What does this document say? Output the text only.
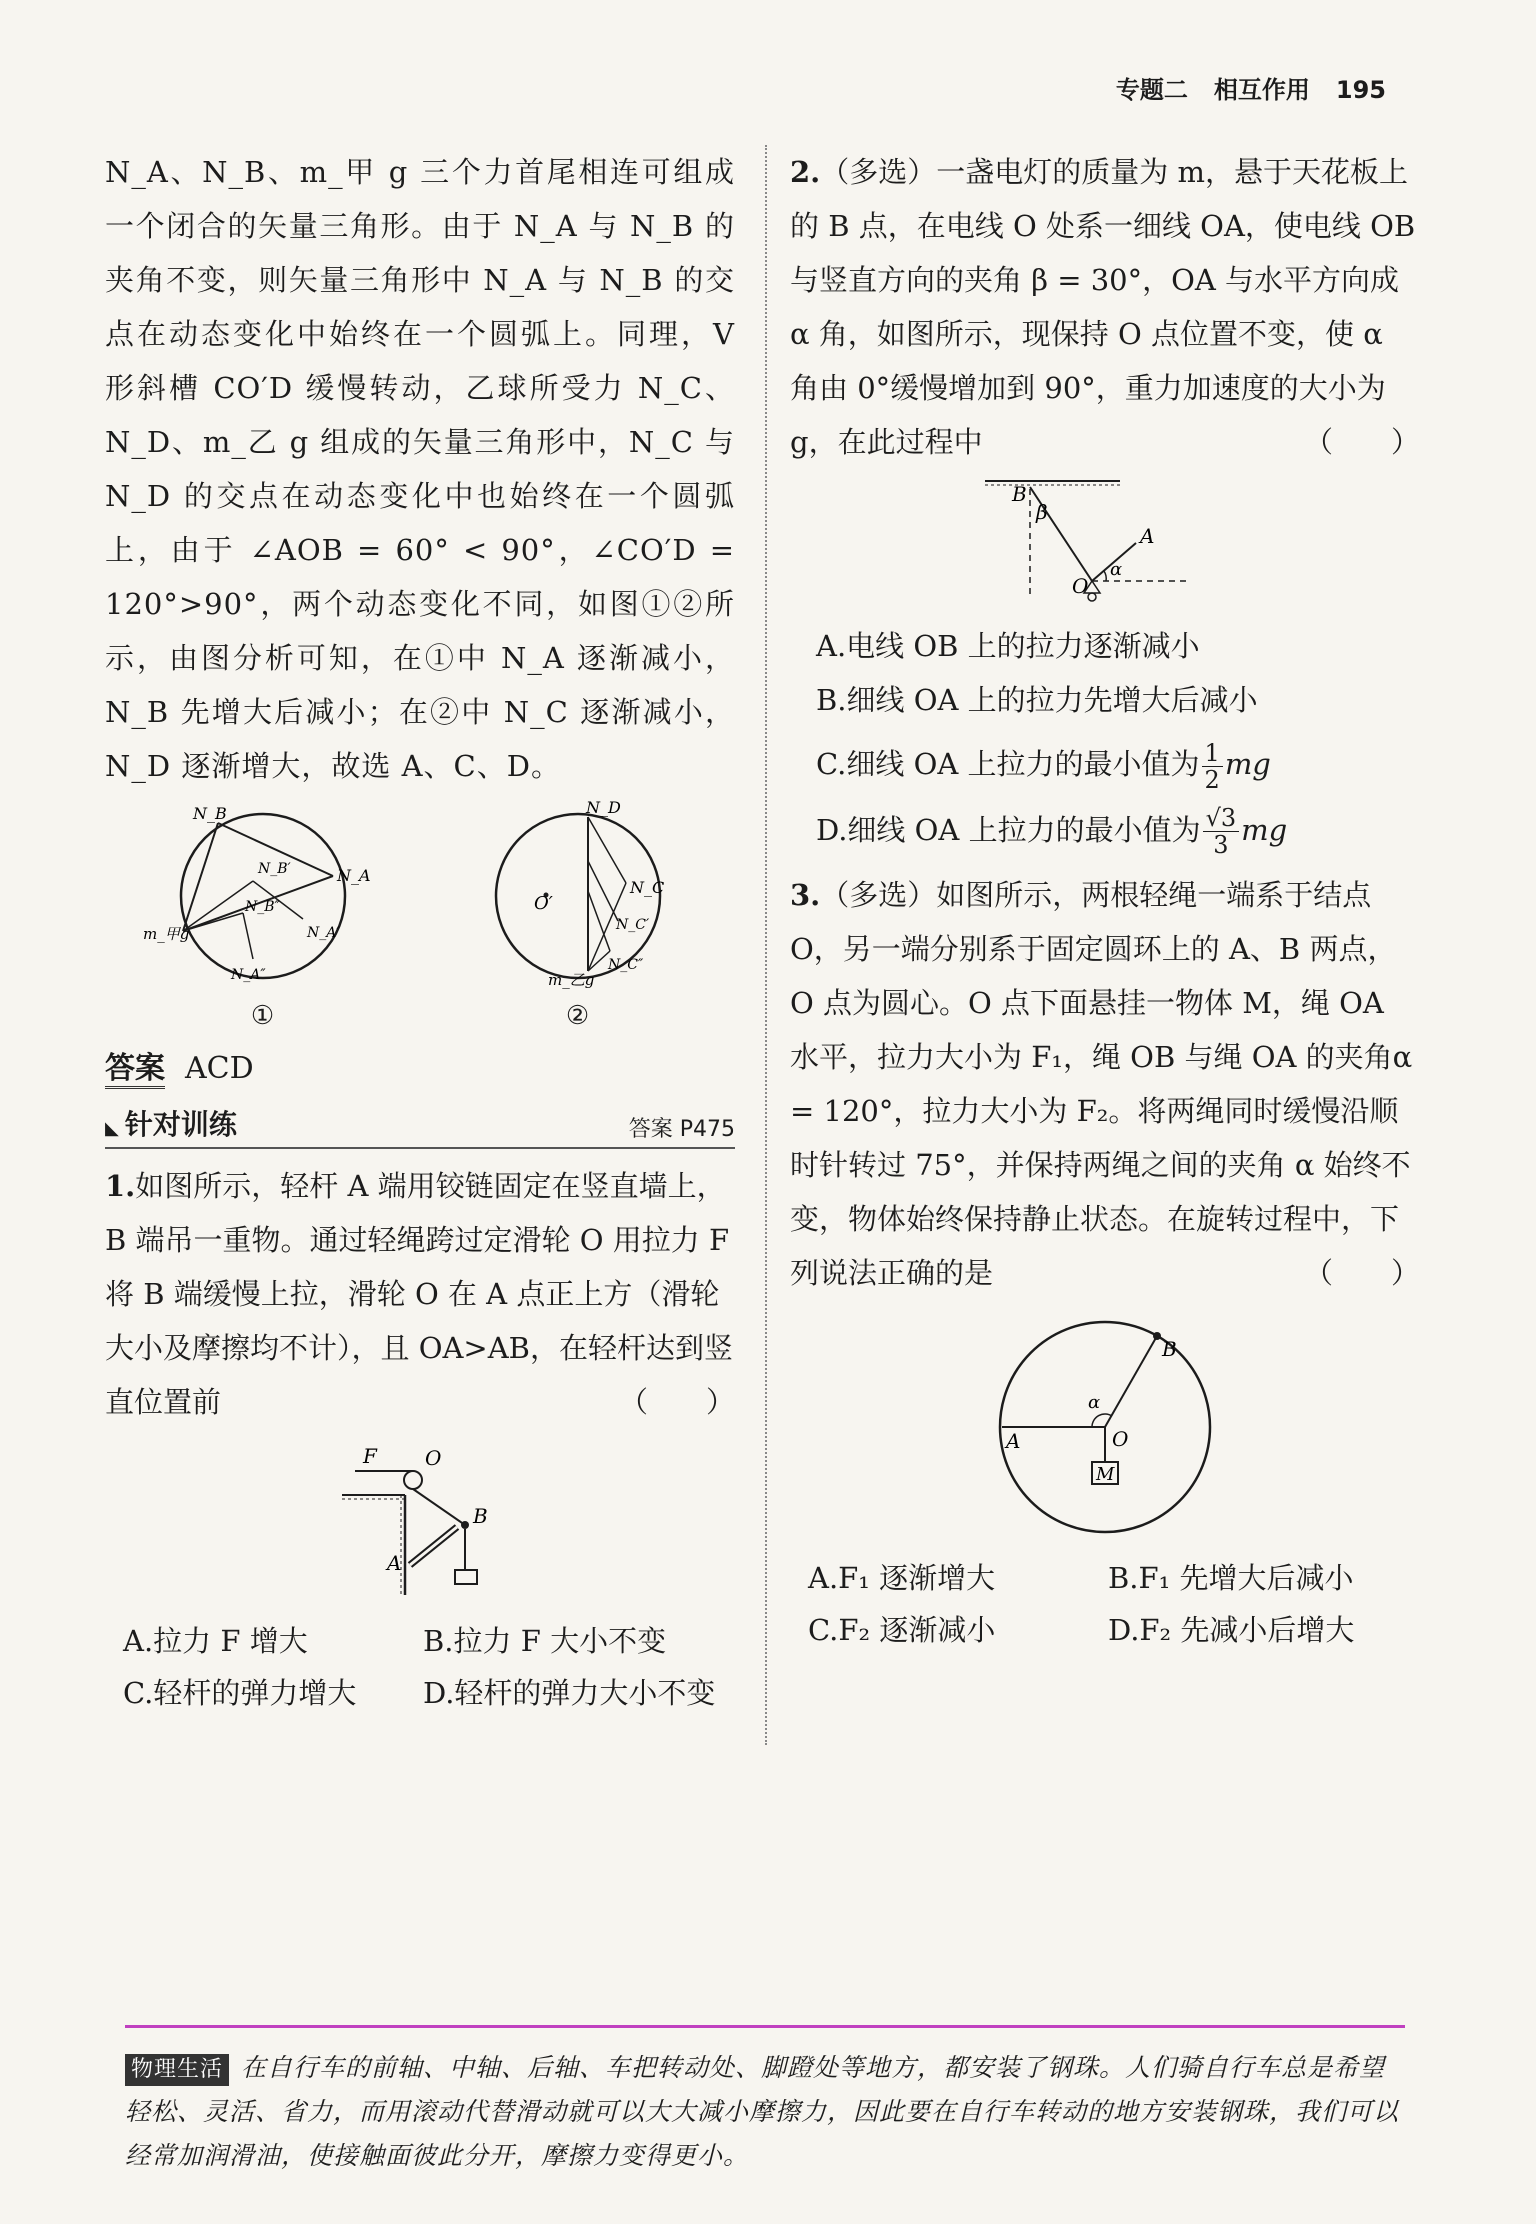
专题二 相互作用 195

N_A、N_B、m_甲 g 三个力首尾相连可组成一个闭合的矢量三角形。由于 N_A 与 N_B 的夹角不变，则矢量三角形中 N_A 与 N_B 的交点在动态变化中始终在一个圆弧上。同理，V 形斜槽 CO′D 缓慢转动，乙球所受力 N_C、N_D、m_乙 g 组成的矢量三角形中，N_C 与 N_D 的交点在动态变化中也始终在一个圆弧上，由于 ∠AOB = 60° < 90°，∠CO′D = 120°>90°，两个动态变化不同，如图①②所示，由图分析可知，在①中 N_A 逐渐减小，N_B 先增大后减小；在②中 N_C 逐渐减小，N_D 逐渐增大，故选 A、C、D。

N_B
N_B′
N_B″
N_A
m_甲g
N_A″
N_A′
①
N_D
O′
N_C
N_C′
m_乙g
N_C″
②
答案 ACD
◣ 针对训练	答案 P475

1.如图所示，轻杆 A 端用铰链固定在竖直墙上，B 端吊一重物。通过轻绳跨过定滑轮 O 用拉力 F 将 B 端缓慢上拉，滑轮 O 在 A 点正上方（滑轮大小及摩擦均不计），且 OA>AB，在轻杆达到竖直位置前	（　　）

F O
B
A
A.拉力 F 增大	B.拉力 F 大小不变
C.轻杆的弹力增大	D.轻杆的弹力大小不变

2.（多选）一盏电灯的质量为 m，悬于天花板上的 B 点，在电线 O 处系一细线 OA，使电线 OB 与竖直方向的夹角 β = 30°，OA 与水平方向成 α 角，如图所示，现保持 O 点位置不变，使 α 角由 0°缓慢增加到 90°，重力加速度的大小为 g，在此过程中	（　　）

B
β
A
O
α
A.电线 OB 上的拉力逐渐减小
B.细线 OA 上的拉力先增大后减小
C.细线 OA 上拉力的最小值为 $\frac{1}{2}$ mg
D.细线 OA 上拉力的最小值为 $\frac{√3}{3}$ mg

3.（多选）如图所示，两根轻绳一端系于结点 O，另一端分别系于固定圆环上的 A、B 两点，O 点为圆心。O 点下面悬挂一物体 M，绳 OA 水平，拉力大小为 F₁，绳 OB 与绳 OA 的夹角α = 120°，拉力大小为 F₂。将两绳同时缓慢沿顺时针转过 75°，并保持两绳之间的夹角 α 始终不变，物体始终保持静止状态。在旋转过程中，下列说法正确的是	（　　）

B
α
A	O
M
A.F₁ 逐渐增大	B.F₁ 先增大后减小
C.F₂ 逐渐减小	D.F₂ 先减小后增大

物理生活 在自行车的前轴、中轴、后轴、车把转动处、脚蹬处等地方，都安装了钢珠。人们骑自行车总是希望轻松、灵活、省力，而用滚动代替滑动就可以大大减小摩擦力，因此要在自行车转动的地方安装钢珠，我们可以经常加润滑油，使接触面彼此分开，摩擦力变得更小。
